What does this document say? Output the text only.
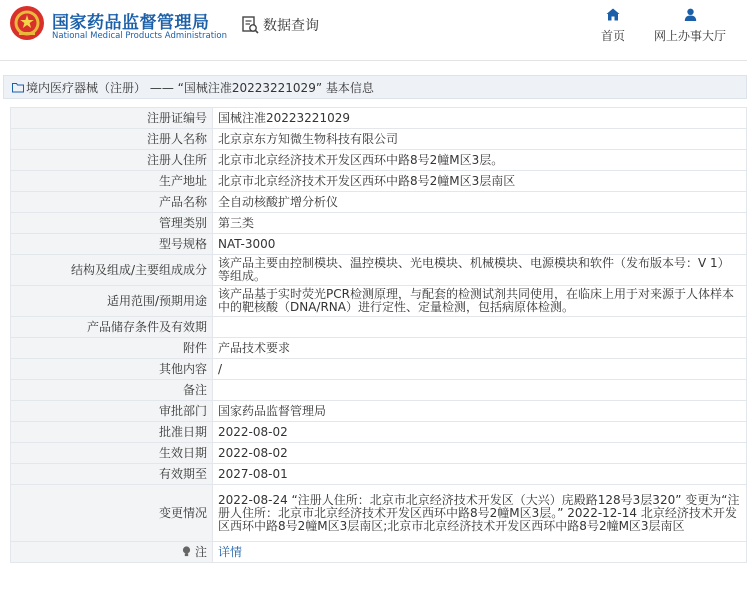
国家药品监督管理局
National Medical Products Administration
数据查询
首页 网上办事大厅
境内医疗器械（注册） —— “国械注准20223221029” 基本信息
注册证编号	国械注准20223221029
注册人名称	北京京东方知微生物科技有限公司
注册人住所	北京市北京经济技术开发区西环中路8号2幢M区3层。
生产地址	北京市北京经济技术开发区西环中路8号2幢M区3层南区
产品名称	全自动核酸扩增分析仪
管理类别	第三类
型号规格	NAT-3000
结构及组成/主要组成成分	该产品主要由控制模块、温控模块、光电模块、机械模块、电源模块和软件（发布版本号：V 1）等组成。
适用范围/预期用途	该产品基于实时荧光PCR检测原理，与配套的检测试剂共同使用，在临床上用于对来源于人体样本中的靶核酸（DNA/RNA）进行定性、定量检测，包括病原体检测。
产品储存条件及有效期	
附件	产品技术要求
其他内容	/
备注	
审批部门	国家药品监督管理局
批准日期	2022-08-02
生效日期	2022-08-02
有效期至	2027-08-01
变更情况	2022-08-24 “注册人住所：北京市北京经济技术开发区（大兴）庑殿路128号3层320” 变更为“注册人住所：北京市北京经济技术开发区西环中路8号2幢M区3层。” 2022-12-14 北京经济技术开发区西环中路8号2幢M区3层南区;北京市北京经济技术开发区西环中路8号2幢M区3层南区
注	详情
